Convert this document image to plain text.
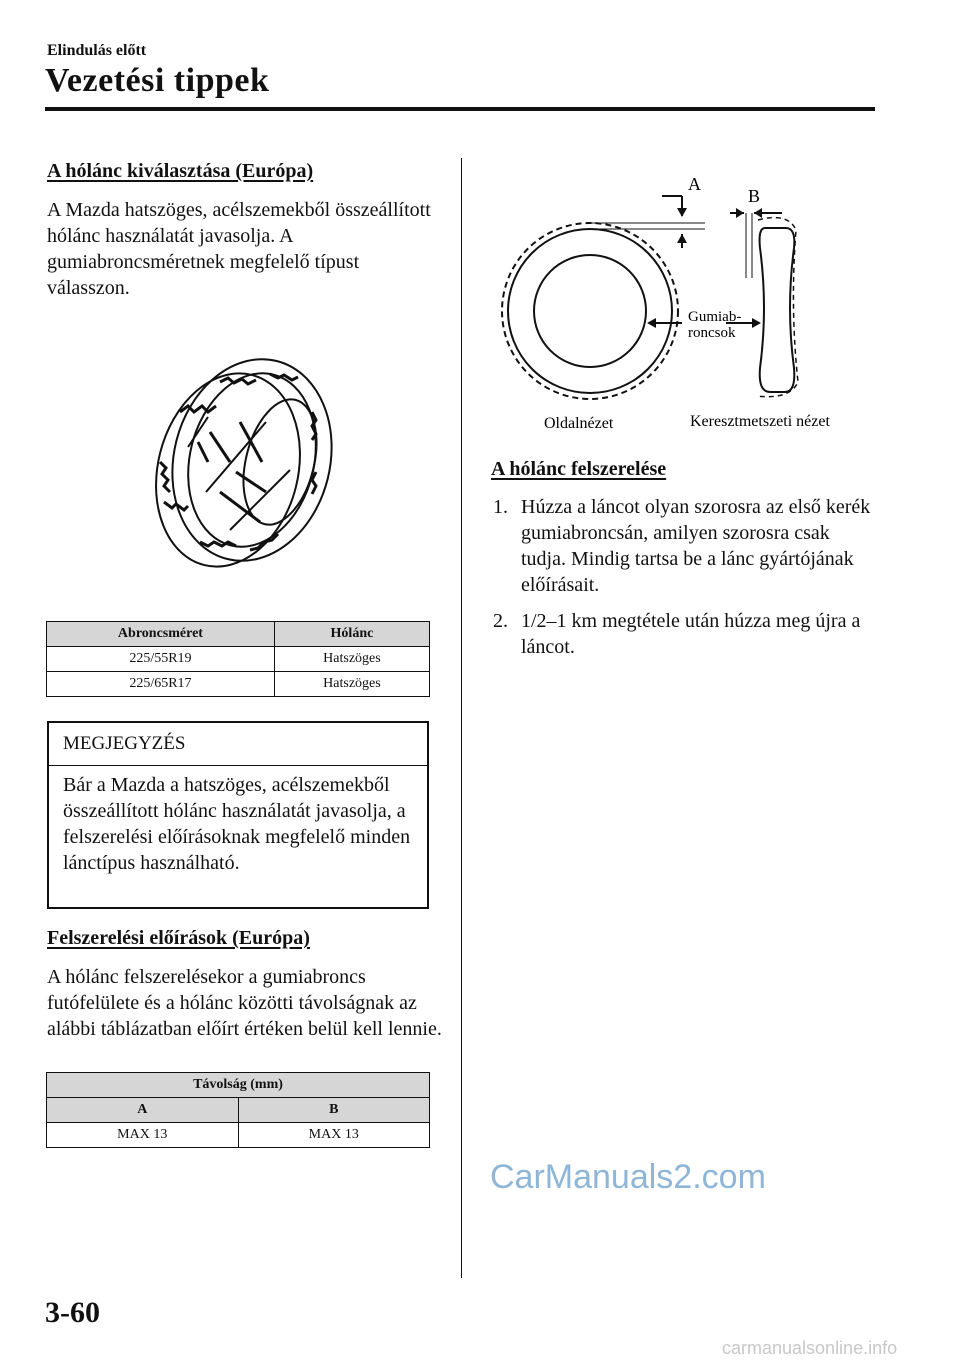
Elindulás előtt
Vezetési tippek
A hólánc kiválasztása (Európa)

A Mazda hatszöges, acélszemekből összeállított hólánc használatát javasolja. A gumiabroncsméretnek megfelelő típust válasszon.

Abroncsméret	Hólánc
225/55R19	Hatszöges
225/65R17	Hatszöges
MEGJEGYZÉS
Bár a Mazda a hatszöges, acélszemekből összeállított hólánc használatát javasolja, a felszerelési előírásoknak megfelelő minden lánctípus használható.
Felszerelési előírások (Európa)

A hólánc felszerelésekor a gumiabroncs futófelülete és a hólánc közötti távolságnak az alábbi táblázatban előírt értéken belül kell lennie.

Távolság (mm)	
A	B
MAX 13	MAX 13
A
B
Gumiab-
roncsok
Oldalnézet	Keresztmetszeti nézet
A hólánc felszerelése
1. Húzza a láncot olyan szorosra az első kerék gumiabroncsán, amilyen szorosra csak tudja. Mindig tartsa be a lánc gyártójának előírásait.
2. 1/2–1 km megtétele után húzza meg újra a láncot.
CarManuals2.com
3-60
carmanualsonline.info
